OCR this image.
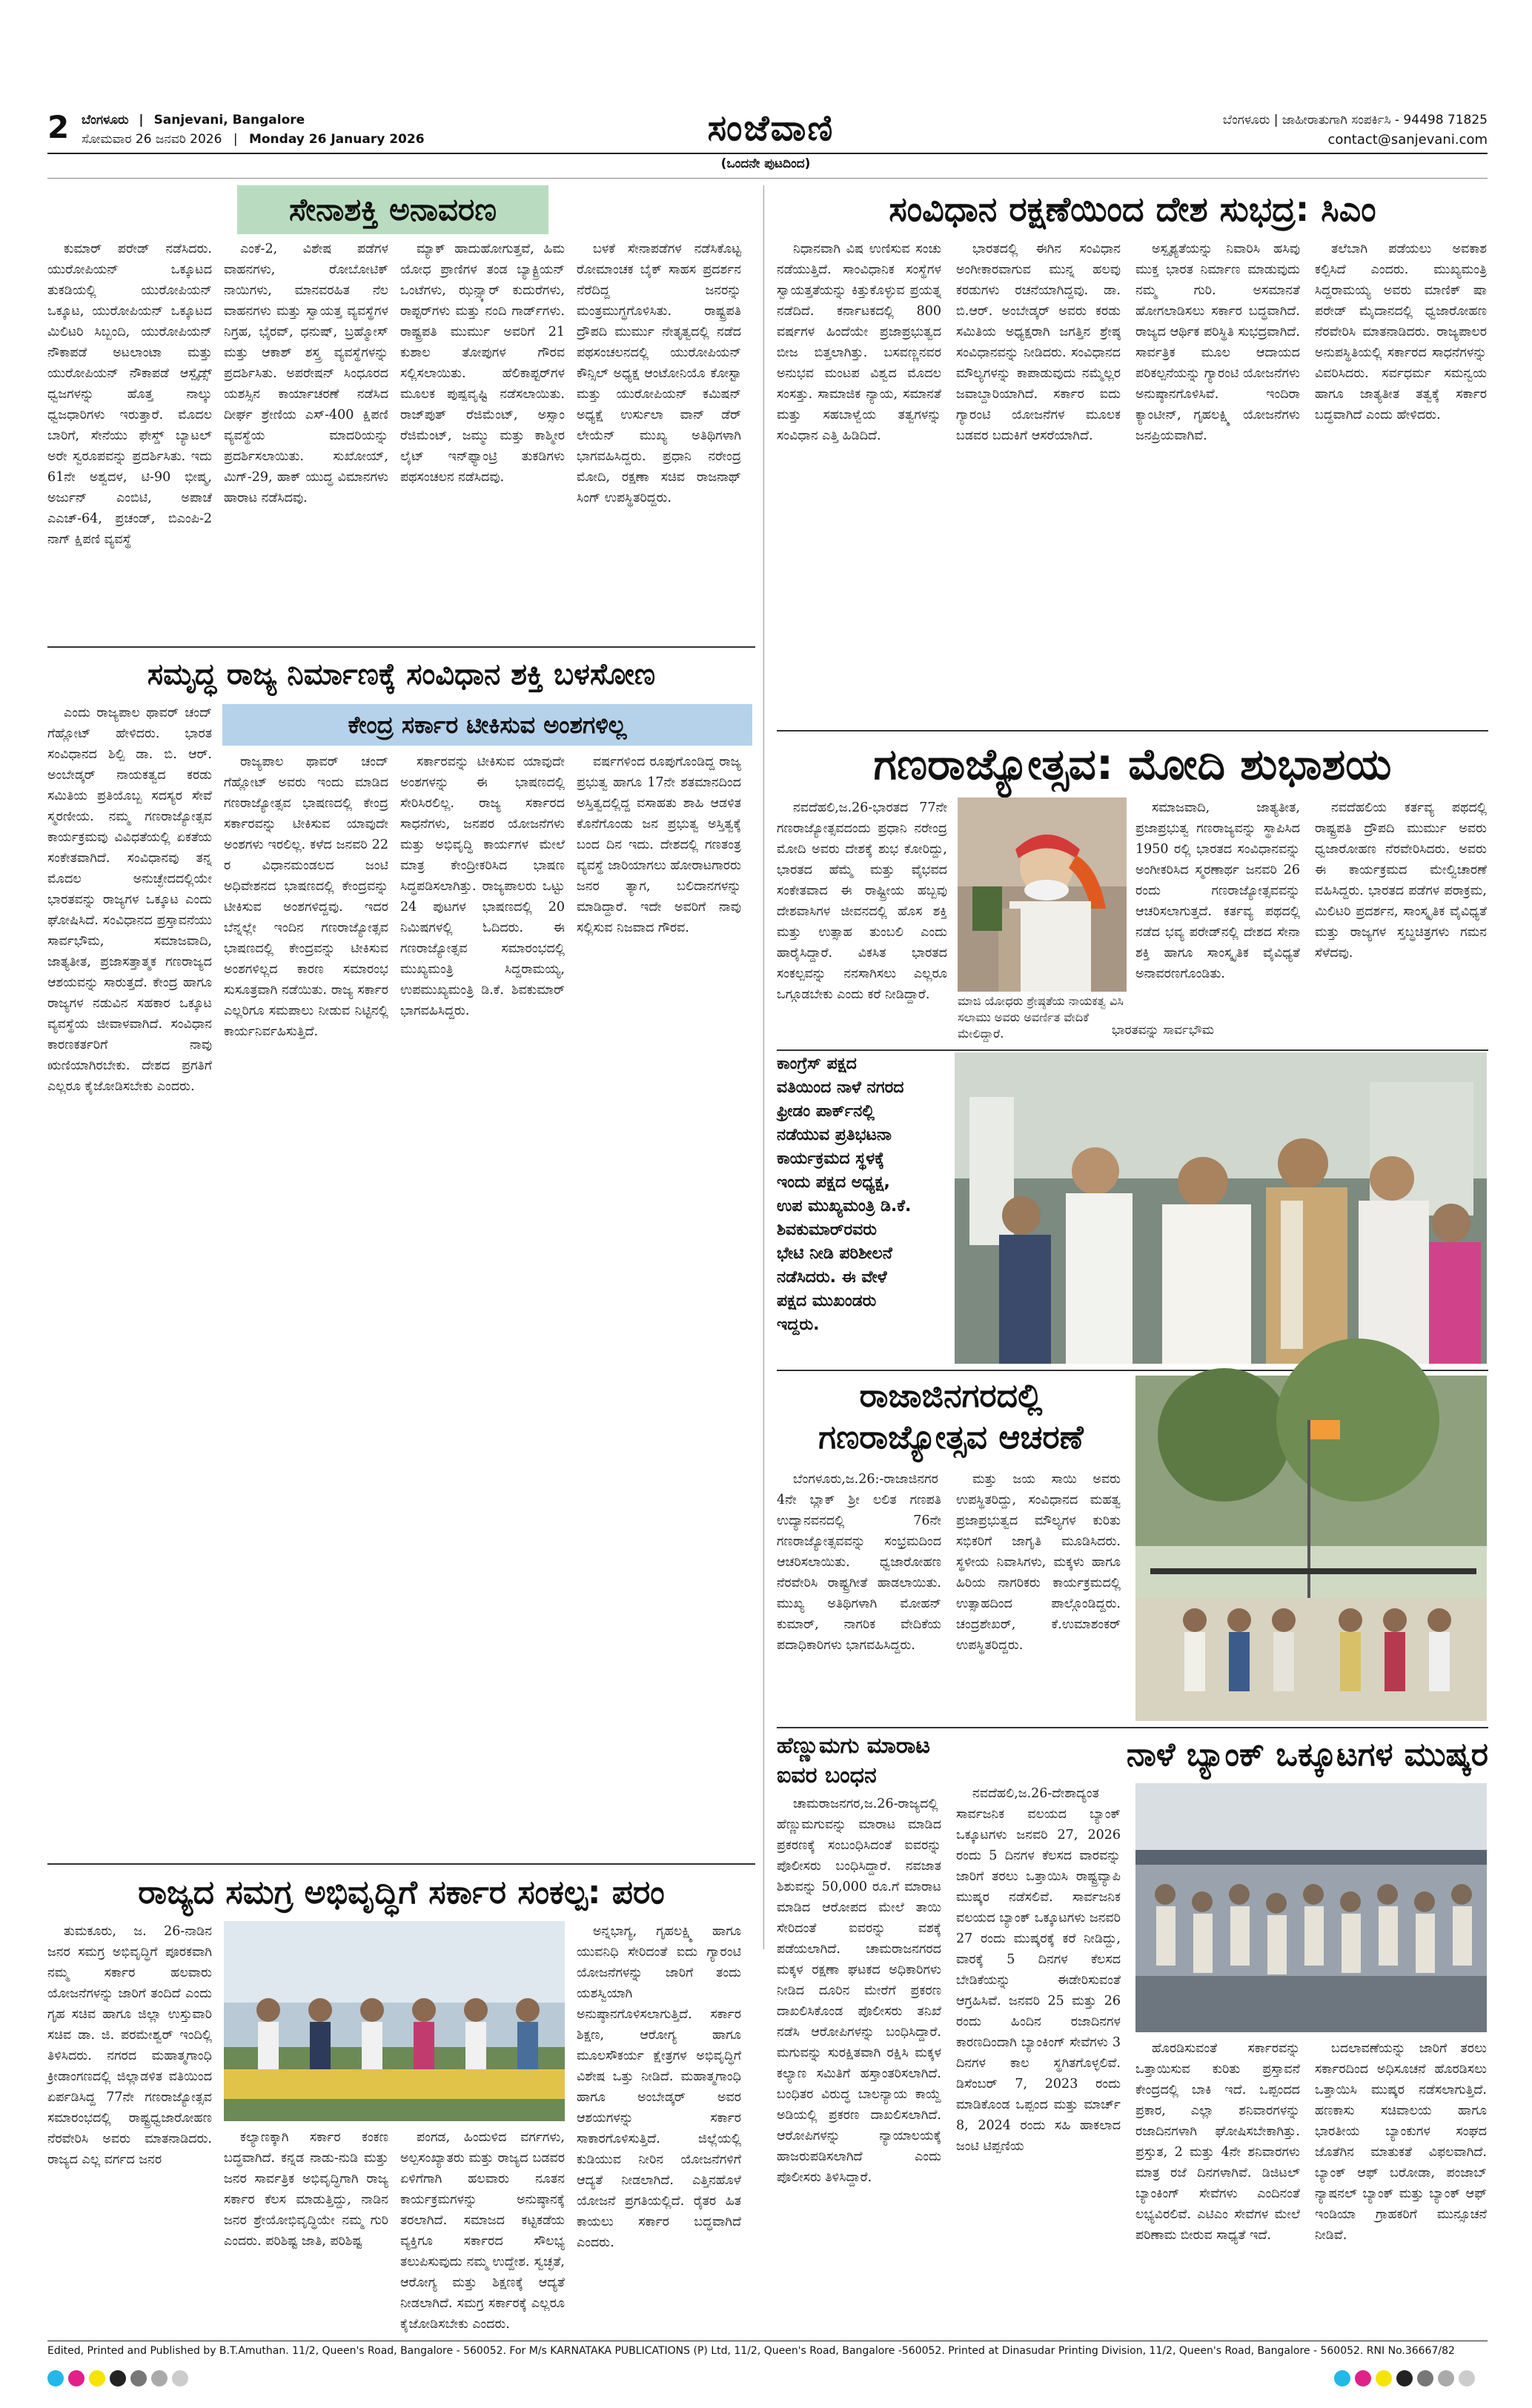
2 ಬೆಂಗಳೂರು | Sanjevani, Bangalore
ಸೋಮವಾರ 26 ಜನವರಿ 2026 | Monday 26 January 2026	ಸಂಜೆವಾಣಿ	ಬೆಂಗಳೂರು | ಜಾಹೀರಾತುಗಾಗಿ ಸಂಪರ್ಕಿಸಿ - 94498 71825
contact@sanjevani.com
(ಒಂದನೇ ಪುಟದಿಂದ)
ಸೇನಾಶಕ್ತಿ ಅನಾವರಣ

ಕುಮಾರ್ ಪರೇಡ್ ನಡೆಸಿದರು. ಯುರೋಪಿಯನ್ ಒಕ್ಕೂಟದ ತುಕಡಿಯಲ್ಲಿ ಯುರೋಪಿಯನ್ ಒಕ್ಕೂಟ, ಯುರೋಪಿಯನ್ ಒಕ್ಕೂಟದ ಮಿಲಿಟರಿ ಸಿಬ್ಬಂದಿ, ಯುರೋಪಿಯನ್ ನೌಕಾಪಡೆ ಅಟಲಾಂಟಾ ಮತ್ತು ಯುರೋಪಿಯನ್ ನೌಕಾಪಡೆ ಆಸ್ಪೈಡ್ಸ್ ಧ್ವಜಗಳನ್ನು ಹೊತ್ತ ನಾಲ್ಕು ಧ್ವಜಧಾರಿಗಳು ಇರುತ್ತಾರೆ. ಮೊದಲ ಬಾರಿಗೆ, ಸೇನೆಯು ಫೇಸ್ಡ್ ಬ್ಯಾಟಲ್ ಅರೇ ಸ್ವರೂಪವನ್ನು ಪ್ರದರ್ಶಿಸಿತು. ಇದು 61ನೇ ಅಶ್ವದಳ, ಟಿ-90 ಭೀಷ್ಮ, ಅರ್ಜುನ್ ಎಂಬಿಟಿ, ಅಪಾಚೆ ಎಎಚ್-64, ಪ್ರಚಂಡ್, ಬಿಎಂಪಿ-2 ನಾಗ್ ಕ್ಷಿಪಣಿ ವ್ಯವಸ್ಥೆ

ಎಂಕೆ-2, ವಿಶೇಷ ಪಡೆಗಳ ವಾಹನಗಳು, ರೋಬೋಟಿಕ್ ನಾಯಿಗಳು, ಮಾನವರಹಿತ ನೆಲ ವಾಹನಗಳು ಮತ್ತು ಸ್ವಾಯತ್ತ ವ್ಯವಸ್ಥೆಗಳ ನಿಗ್ರಹ, ಭೈರವ್, ಧನುಷ್, ಬ್ರಹ್ಮೋಸ್ ಮತ್ತು ಆಕಾಶ್ ಶಸ್ತ್ರ ವ್ಯವಸ್ಥೆಗಳನ್ನು ಪ್ರದರ್ಶಿಸಿತು. ಅಪರೇಷನ್ ಸಿಂಧೂರದ ಯಶಸ್ಸಿನ ಕಾರ್ಯಾಚರಣೆ ನಡೆಸಿದ ದೀರ್ಘ ಶ್ರೇಣಿಯ ಎಸ್-400 ಕ್ಷಿಪಣಿ ವ್ಯವಸ್ಥೆಯ ಮಾದರಿಯನ್ನು ಪ್ರದರ್ಶಿಸಲಾಯಿತು. ಸುಖೋಯ್, ಮಿಗ್-29, ಹಾಕ್ ಯುದ್ಧ ವಿಮಾನಗಳು ಹಾರಾಟ ನಡೆಸಿದವು.

ಮ್ಯಾಕ್ ಹಾದುಹೋಗುತ್ತವೆ, ಹಿಮ ಯೋಧ ಪ್ರಾಣಿಗಳ ತಂಡ ಬ್ಯಾಕ್ಟ್ರಿಯನ್ ಒಂಟೆಗಳು, ಝನ್ಸ್ಕಾರ್ ಕುದುರೆಗಳು, ರಾಪ್ಟರ್‌ಗಳು ಮತ್ತು ನಂದಿ ಗಾರ್ಡ್‌ಗಳು. ರಾಷ್ಟ್ರಪತಿ ಮುರ್ಮು ಅವರಿಗೆ 21 ಕುಶಾಲ ತೋಪುಗಳ ಗೌರವ ಸಲ್ಲಿಸಲಾಯಿತು. ಹೆಲಿಕಾಪ್ಟರ್‌ಗಳ ಮೂಲಕ ಪುಷ್ಪವೃಷ್ಟಿ ನಡೆಸಲಾಯಿತು. ರಾಜ್‌ಪುತ್ ರೆಜಿಮೆಂಟ್, ಅಸ್ಸಾಂ ರೆಜಿಮೆಂಟ್, ಜಮ್ಮು ಮತ್ತು ಕಾಶ್ಮೀರ ಲೈಟ್ ಇನ್‌ಫ್ಯಾಂಟ್ರಿ ತುಕಡಿಗಳು ಪಥಸಂಚಲನ ನಡೆಸಿದವು.

ಬಳಕೆ ಸೇನಾಪಡೆಗಳ ನಡೆಸಿಕೊಟ್ಟ ರೋಮಾಂಚಕ ಬೈಕ್ ಸಾಹಸ ಪ್ರದರ್ಶನ ನೆರೆದಿದ್ದ ಜನರನ್ನು ಮಂತ್ರಮುಗ್ಧಗೊಳಿಸಿತು. ರಾಷ್ಟ್ರಪತಿ ದ್ರೌಪದಿ ಮುರ್ಮು ನೇತೃತ್ವದಲ್ಲಿ ನಡೆದ ಪಥಸಂಚಲನದಲ್ಲಿ ಯುರೋಪಿಯನ್ ಕೌನ್ಸಿಲ್ ಅಧ್ಯಕ್ಷ ಆಂಟೋನಿಯೊ ಕೋಸ್ಟಾ ಮತ್ತು ಯುರೋಪಿಯನ್ ಕಮಿಷನ್ ಅಧ್ಯಕ್ಷೆ ಉರ್ಸುಲಾ ವಾನ್ ಡೆರ್ ಲೇಯೆನ್ ಮುಖ್ಯ ಅತಿಥಿಗಳಾಗಿ ಭಾಗವಹಿಸಿದ್ದರು. ಪ್ರಧಾನಿ ನರೇಂದ್ರ ಮೋದಿ, ರಕ್ಷಣಾ ಸಚಿವ ರಾಜನಾಥ್ ಸಿಂಗ್ ಉಪಸ್ಥಿತರಿದ್ದರು.

ಸಂವಿಧಾನ ರಕ್ಷಣೆಯಿಂದ ದೇಶ ಸುಭದ್ರ: ಸಿಎಂ

ನಿಧಾನವಾಗಿ ವಿಷ ಉಣಿಸುವ ಸಂಚು ನಡೆಯುತ್ತಿದೆ. ಸಾಂವಿಧಾನಿಕ ಸಂಸ್ಥೆಗಳ ಸ್ವಾಯತ್ತತೆಯನ್ನು ಕಿತ್ತುಕೊಳ್ಳುವ ಪ್ರಯತ್ನ ನಡೆದಿದೆ. ಕರ್ನಾಟಕದಲ್ಲಿ 800 ವರ್ಷಗಳ ಹಿಂದೆಯೇ ಪ್ರಜಾಪ್ರಭುತ್ವದ ಬೀಜ ಬಿತ್ತಲಾಗಿತ್ತು. ಬಸವಣ್ಣನವರ ಅನುಭವ ಮಂಟಪ ವಿಶ್ವದ ಮೊದಲ ಸಂಸತ್ತು. ಸಾಮಾಜಿಕ ನ್ಯಾಯ, ಸಮಾನತೆ ಮತ್ತು ಸಹಬಾಳ್ವೆಯ ತತ್ವಗಳನ್ನು ಸಂವಿಧಾನ ಎತ್ತಿ ಹಿಡಿದಿದೆ.

ಭಾರತದಲ್ಲಿ ಈಗಿನ ಸಂವಿಧಾನ ಅಂಗೀಕಾರವಾಗುವ ಮುನ್ನ ಹಲವು ಕರಡುಗಳು ರಚನೆಯಾಗಿದ್ದವು. ಡಾ. ಬಿ.ಆರ್. ಅಂಬೇಡ್ಕರ್ ಅವರು ಕರಡು ಸಮಿತಿಯ ಅಧ್ಯಕ್ಷರಾಗಿ ಜಗತ್ತಿನ ಶ್ರೇಷ್ಠ ಸಂವಿಧಾನವನ್ನು ನೀಡಿದರು. ಸಂವಿಧಾನದ ಮೌಲ್ಯಗಳನ್ನು ಕಾಪಾಡುವುದು ನಮ್ಮೆಲ್ಲರ ಜವಾಬ್ದಾರಿಯಾಗಿದೆ. ಸರ್ಕಾರ ಐದು ಗ್ಯಾರಂಟಿ ಯೋಜನೆಗಳ ಮೂಲಕ ಬಡವರ ಬದುಕಿಗೆ ಆಸರೆಯಾಗಿದೆ.

ಅಸ್ಪೃಶ್ಯತೆಯನ್ನು ನಿವಾರಿಸಿ ಹಸಿವು ಮುಕ್ತ ಭಾರತ ನಿರ್ಮಾಣ ಮಾಡುವುದು ನಮ್ಮ ಗುರಿ. ಅಸಮಾನತೆ ಹೋಗಲಾಡಿಸಲು ಸರ್ಕಾರ ಬದ್ಧವಾಗಿದೆ. ರಾಜ್ಯದ ಆರ್ಥಿಕ ಪರಿಸ್ಥಿತಿ ಸುಭದ್ರವಾಗಿದೆ. ಸಾರ್ವತ್ರಿಕ ಮೂಲ ಆದಾಯದ ಪರಿಕಲ್ಪನೆಯನ್ನು ಗ್ಯಾರಂಟಿ ಯೋಜನೆಗಳು ಅನುಷ್ಠಾನಗೊಳಿಸಿವೆ. ಇಂದಿರಾ ಕ್ಯಾಂಟೀನ್, ಗೃಹಲಕ್ಷ್ಮಿ ಯೋಜನೆಗಳು ಜನಪ್ರಿಯವಾಗಿವೆ.

ತಲೆಬಾಗಿ ಪಡೆಯಲು ಅವಕಾಶ ಕಲ್ಪಿಸಿದೆ ಎಂದರು. ಮುಖ್ಯಮಂತ್ರಿ ಸಿದ್ದರಾಮಯ್ಯ ಅವರು ಮಾಣಿಕ್ ಷಾ ಪರೇಡ್ ಮೈದಾನದಲ್ಲಿ ಧ್ವಜಾರೋಹಣ ನೆರವೇರಿಸಿ ಮಾತನಾಡಿದರು. ರಾಜ್ಯಪಾಲರ ಅನುಪಸ್ಥಿತಿಯಲ್ಲಿ ಸರ್ಕಾರದ ಸಾಧನೆಗಳನ್ನು ವಿವರಿಸಿದರು. ಸರ್ವಧರ್ಮ ಸಮನ್ವಯ ಹಾಗೂ ಜಾತ್ಯತೀತ ತತ್ವಕ್ಕೆ ಸರ್ಕಾರ ಬದ್ಧವಾಗಿದೆ ಎಂದು ಹೇಳಿದರು.

ಸಮೃದ್ಧ ರಾಜ್ಯ ನಿರ್ಮಾಣಕ್ಕೆ ಸಂವಿಧಾನ ಶಕ್ತಿ ಬಳಸೋಣ

ಎಂದು ರಾಜ್ಯಪಾಲ ಥಾವರ್ ಚಂದ್ ಗೆಹ್ಲೋಟ್ ಹೇಳಿದರು. ಭಾರತ ಸಂವಿಧಾನದ ಶಿಲ್ಪಿ ಡಾ. ಬಿ. ಆರ್. ಅಂಬೇಡ್ಕರ್ ನಾಯಕತ್ವದ ಕರಡು ಸಮಿತಿಯ ಪ್ರತಿಯೊಬ್ಬ ಸದಸ್ಯರ ಸೇವೆ ಸ್ಮರಣೀಯ. ನಮ್ಮ ಗಣರಾಜ್ಯೋತ್ಸವ ಕಾರ್ಯಕ್ರಮವು ವಿವಿಧತೆಯಲ್ಲಿ ಏಕತೆಯ ಸಂಕೇತವಾಗಿದೆ. ಸಂವಿಧಾನವು ತನ್ನ ಮೊದಲ ಅನುಚ್ಛೇದದಲ್ಲಿಯೇ ಭಾರತವನ್ನು ರಾಜ್ಯಗಳ ಒಕ್ಕೂಟ ಎಂದು ಘೋಷಿಸಿದೆ. ಸಂವಿಧಾನದ ಪ್ರಸ್ತಾವನೆಯು ಸಾರ್ವಭೌಮ, ಸಮಾಜವಾದಿ, ಜಾತ್ಯತೀತ, ಪ್ರಜಾಸತ್ತಾತ್ಮಕ ಗಣರಾಜ್ಯದ ಆಶಯವನ್ನು ಸಾರುತ್ತದೆ. ಕೇಂದ್ರ ಹಾಗೂ ರಾಜ್ಯಗಳ ನಡುವಿನ ಸಹಕಾರ ಒಕ್ಕೂಟ ವ್ಯವಸ್ಥೆಯ ಜೀವಾಳವಾಗಿದೆ. ಸಂವಿಧಾನ ಕಾರಣಕರ್ತರಿಗೆ ನಾವು ಋಣಿಯಾಗಿರಬೇಕು. ದೇಶದ ಪ್ರಗತಿಗೆ ಎಲ್ಲರೂ ಕೈಜೋಡಿಸಬೇಕು ಎಂದರು.

ಕೇಂದ್ರ ಸರ್ಕಾರ ಟೀಕಿಸುವ ಅಂಶಗಳಿಲ್ಲ

ರಾಜ್ಯಪಾಲ ಥಾವರ್ ಚಂದ್ ಗೆಹ್ಲೋಟ್ ಅವರು ಇಂದು ಮಾಡಿದ ಗಣರಾಜ್ಯೋತ್ಸವ ಭಾಷಣದಲ್ಲಿ ಕೇಂದ್ರ ಸರ್ಕಾರವನ್ನು ಟೀಕಿಸುವ ಯಾವುದೇ ಅಂಶಗಳು ಇರಲಿಲ್ಲ. ಕಳೆದ ಜನವರಿ 22 ರ ವಿಧಾನಮಂಡಲದ ಜಂಟಿ ಅಧಿವೇಶನದ ಭಾಷಣದಲ್ಲಿ ಕೇಂದ್ರವನ್ನು ಟೀಕಿಸುವ ಅಂಶಗಳಿದ್ದವು. ಇದರ ಬೆನ್ನಲ್ಲೇ ಇಂದಿನ ಗಣರಾಜ್ಯೋತ್ಸವ ಭಾಷಣದಲ್ಲಿ ಕೇಂದ್ರವನ್ನು ಟೀಕಿಸುವ ಅಂಶಗಳಿಲ್ಲದ ಕಾರಣ ಸಮಾರಂಭ ಸುಸೂತ್ರವಾಗಿ ನಡೆಯಿತು. ರಾಜ್ಯ ಸರ್ಕಾರ ಎಲ್ಲರಿಗೂ ಸಮಪಾಲು ನೀಡುವ ನಿಟ್ಟಿನಲ್ಲಿ ಕಾರ್ಯನಿರ್ವಹಿಸುತ್ತಿದೆ.

ಸರ್ಕಾರವನ್ನು ಟೀಕಿಸುವ ಯಾವುದೇ ಅಂಶಗಳನ್ನು ಈ ಭಾಷಣದಲ್ಲಿ ಸೇರಿಸಿರಲಿಲ್ಲ. ರಾಜ್ಯ ಸರ್ಕಾರದ ಸಾಧನೆಗಳು, ಜನಪರ ಯೋಜನೆಗಳು ಮತ್ತು ಅಭಿವೃದ್ಧಿ ಕಾರ್ಯಗಳ ಮೇಲೆ ಮಾತ್ರ ಕೇಂದ್ರೀಕರಿಸಿದ ಭಾಷಣ ಸಿದ್ಧಪಡಿಸಲಾಗಿತ್ತು. ರಾಜ್ಯಪಾಲರು ಒಟ್ಟು 24 ಪುಟಗಳ ಭಾಷಣದಲ್ಲಿ 20 ನಿಮಿಷಗಳಲ್ಲಿ ಓದಿದರು. ಈ ಗಣರಾಜ್ಯೋತ್ಸವ ಸಮಾರಂಭದಲ್ಲಿ ಮುಖ್ಯಮಂತ್ರಿ ಸಿದ್ದರಾಮಯ್ಯ, ಉಪಮುಖ್ಯಮಂತ್ರಿ ಡಿ.ಕೆ. ಶಿವಕುಮಾರ್ ಭಾಗವಹಿಸಿದ್ದರು.

ವರ್ಷಗಳಿಂದ ರೂಪುಗೊಂಡಿದ್ದ ರಾಜ್ಯ ಪ್ರಭುತ್ವ ಹಾಗೂ 17ನೇ ಶತಮಾನದಿಂದ ಅಸ್ತಿತ್ವದಲ್ಲಿದ್ದ ವಸಾಹತು ಶಾಹಿ ಆಡಳಿತ ಕೊನೆಗೊಂಡು ಜನ ಪ್ರಭುತ್ವ ಅಸ್ತಿತ್ವಕ್ಕೆ ಬಂದ ದಿನ ಇದು. ದೇಶದಲ್ಲಿ ಗಣತಂತ್ರ ವ್ಯವಸ್ಥೆ ಜಾರಿಯಾಗಲು ಹೋರಾಟಗಾರರು ಜನರ ತ್ಯಾಗ, ಬಲಿದಾನಗಳನ್ನು ಮಾಡಿದ್ದಾರೆ. ಇದೇ ಅವರಿಗೆ ನಾವು ಸಲ್ಲಿಸುವ ನಿಜವಾದ ಗೌರವ.

ಗಣರಾಜ್ಯೋತ್ಸವ: ಮೋದಿ ಶುಭಾಶಯ

ನವದೆಹಲಿ,ಜ.26-ಭಾರತದ 77ನೇ ಗಣರಾಜ್ಯೋತ್ಸವದಂದು ಪ್ರಧಾನಿ ನರೇಂದ್ರ ಮೋದಿ ಅವರು ದೇಶಕ್ಕೆ ಶುಭ ಕೋರಿದ್ದು, ಭಾರತದ ಹೆಮ್ಮೆ ಮತ್ತು ವೈಭವದ ಸಂಕೇತವಾದ ಈ ರಾಷ್ಟ್ರೀಯ ಹಬ್ಬವು ದೇಶವಾಸಿಗಳ ಜೀವನದಲ್ಲಿ ಹೊಸ ಶಕ್ತಿ ಮತ್ತು ಉತ್ಸಾಹ ತುಂಬಲಿ ಎಂದು ಹಾರೈಸಿದ್ದಾರೆ. ವಿಕಸಿತ ಭಾರತದ ಸಂಕಲ್ಪವನ್ನು ನನಸಾಗಿಸಲು ಎಲ್ಲರೂ ಒಗ್ಗೂಡಬೇಕು ಎಂದು ಕರೆ ನೀಡಿದ್ದಾರೆ.

ಸಮಾಜವಾದಿ, ಜಾತ್ಯತೀತ, ಪ್ರಜಾಪ್ರಭುತ್ವ ಗಣರಾಜ್ಯವನ್ನು ಸ್ಥಾಪಿಸಿದ 1950 ರಲ್ಲಿ ಭಾರತದ ಸಂವಿಧಾನವನ್ನು ಅಂಗೀಕರಿಸಿದ ಸ್ಮರಣಾರ್ಥ ಜನವರಿ 26 ರಂದು ಗಣರಾಜ್ಯೋತ್ಸವವನ್ನು ಆಚರಿಸಲಾಗುತ್ತದೆ. ಕರ್ತವ್ಯ ಪಥದಲ್ಲಿ ನಡೆದ ಭವ್ಯ ಪರೇಡ್‌ನಲ್ಲಿ ದೇಶದ ಸೇನಾ ಶಕ್ತಿ ಹಾಗೂ ಸಾಂಸ್ಕೃತಿಕ ವೈವಿಧ್ಯತೆ ಅನಾವರಣಗೊಂಡಿತು.

ನವದೆಹಲಿಯ ಕರ್ತವ್ಯ ಪಥದಲ್ಲಿ ರಾಷ್ಟ್ರಪತಿ ದ್ರೌಪದಿ ಮುರ್ಮು ಅವರು ಧ್ವಜಾರೋಹಣ ನೆರವೇರಿಸಿದರು. ಅವರು ಈ ಕಾರ್ಯಕ್ರಮದ ಮೇಲ್ವಿಚಾರಣೆ ವಹಿಸಿದ್ದರು. ಭಾರತದ ಪಡೆಗಳ ಪರಾಕ್ರಮ, ಮಿಲಿಟರಿ ಪ್ರದರ್ಶನ, ಸಾಂಸ್ಕೃತಿಕ ವೈವಿಧ್ಯತೆ ಮತ್ತು ರಾಜ್ಯಗಳ ಸ್ತಬ್ಧಚಿತ್ರಗಳು ಗಮನ ಸೆಳೆದವು.

ಮಾಜಿ ಯೋಧರು ಶ್ರೇಷ್ಠತೆಯ ನಾಯಕತ್ವ ವಿಸಿ ಸಲಾಮು ಅವರು ಅವರ್ಣಿತ ವೇದಿಕೆ ಮೇಲಿದ್ದಾರೆ.	ಭಾರತವನ್ನು ಸಾರ್ವಭೌಮ
ಕಾಂಗ್ರೆಸ್ ಪಕ್ಷದ
ವತಿಯಿಂದ ನಾಳೆ ನಗರದ
ಫ್ರೀಡಂ ಪಾರ್ಕ್‌ನಲ್ಲಿ
ನಡೆಯುವ ಪ್ರತಿಭಟನಾ
ಕಾರ್ಯಕ್ರಮದ ಸ್ಥಳಕ್ಕೆ
ಇಂದು ಪಕ್ಷದ ಅಧ್ಯಕ್ಷ,
ಉಪ ಮುಖ್ಯಮಂತ್ರಿ ಡಿ.ಕೆ.
ಶಿವಕುಮಾರ್‌ರವರು
ಭೇಟಿ ನೀಡಿ ಪರಿಶೀಲನೆ
ನಡೆಸಿದರು. ಈ ವೇಳೆ
ಪಕ್ಷದ ಮುಖಂಡರು
ಇದ್ದರು.
ರಾಜಾಜಿನಗರದಲ್ಲಿ
ಗಣರಾಜ್ಯೋತ್ಸವ ಆಚರಣೆ

ಬೆಂಗಳೂರು,ಜ.26:-ರಾಜಾಜಿನಗರ 4ನೇ ಬ್ಲಾಕ್ ಶ್ರೀ ಲಲಿತ ಗಣಪತಿ ಉದ್ಯಾನವನದಲ್ಲಿ 76ನೇ ಗಣರಾಜ್ಯೋತ್ಸವವನ್ನು ಸಂಭ್ರಮದಿಂದ ಆಚರಿಸಲಾಯಿತು. ಧ್ವಜಾರೋಹಣ ನೆರವೇರಿಸಿ ರಾಷ್ಟ್ರಗೀತೆ ಹಾಡಲಾಯಿತು. ಮುಖ್ಯ ಅತಿಥಿಗಳಾಗಿ ಮೋಹನ್ ಕುಮಾರ್, ನಾಗರಿಕ ವೇದಿಕೆಯ ಪದಾಧಿಕಾರಿಗಳು ಭಾಗವಹಿಸಿದ್ದರು.

ಮತ್ತು ಜಯ ಸಾಯಿ ಅವರು ಉಪಸ್ಥಿತರಿದ್ದು, ಸಂವಿಧಾನದ ಮಹತ್ವ ಪ್ರಜಾಪ್ರಭುತ್ವದ ಮೌಲ್ಯಗಳ ಕುರಿತು ಸಭಿಕರಿಗೆ ಜಾಗೃತಿ ಮೂಡಿಸಿದರು. ಸ್ಥಳೀಯ ನಿವಾಸಿಗಳು, ಮಕ್ಕಳು ಹಾಗೂ ಹಿರಿಯ ನಾಗರಿಕರು ಕಾರ್ಯಕ್ರಮದಲ್ಲಿ ಉತ್ಸಾಹದಿಂದ ಪಾಲ್ಗೊಂಡಿದ್ದರು. ಚಂದ್ರಶೇಖರ್, ಕೆ.ಉಮಾಶಂಕರ್ ಉಪಸ್ಥಿತರಿದ್ದರು.

ರಾಜ್ಯದ ಸಮಗ್ರ ಅಭಿವೃದ್ಧಿಗೆ ಸರ್ಕಾರ ಸಂಕಲ್ಪ: ಪರಂ

ತುಮಕೂರು, ಜ. 26-ನಾಡಿನ ಜನರ ಸಮಗ್ರ ಅಭಿವೃದ್ಧಿಗೆ ಪೂರಕವಾಗಿ ನಮ್ಮ ಸರ್ಕಾರ ಹಲವಾರು ಯೋಜನೆಗಳನ್ನು ಜಾರಿಗೆ ತಂದಿದೆ ಎಂದು ಗೃಹ ಸಚಿವ ಹಾಗೂ ಜಿಲ್ಲಾ ಉಸ್ತುವಾರಿ ಸಚಿವ ಡಾ. ಜಿ. ಪರಮೇಶ್ವರ್ ಇಂದಿಲ್ಲಿ ತಿಳಿಸಿದರು. ನಗರದ ಮಹಾತ್ಮಗಾಂಧಿ ಕ್ರೀಡಾಂಗಣದಲ್ಲಿ ಜಿಲ್ಲಾಡಳಿತ ವತಿಯಿಂದ ಏರ್ಪಡಿಸಿದ್ದ 77ನೇ ಗಣರಾಜ್ಯೋತ್ಸವ ಸಮಾರಂಭದಲ್ಲಿ ರಾಷ್ಟ್ರಧ್ವಜಾರೋಹಣ ನೆರವೇರಿಸಿ ಅವರು ಮಾತನಾಡಿದರು. ರಾಜ್ಯದ ಎಲ್ಲ ವರ್ಗದ ಜನರ

ಕಲ್ಯಾಣಕ್ಕಾಗಿ ಸರ್ಕಾರ ಕಂಕಣ ಬದ್ಧವಾಗಿದೆ. ಕನ್ನಡ ನಾಡು-ನುಡಿ ಮತ್ತು ಜನರ ಸಾರ್ವತ್ರಿಕ ಅಭಿವೃದ್ಧಿಗಾಗಿ ರಾಜ್ಯ ಸರ್ಕಾರ ಕೆಲಸ ಮಾಡುತ್ತಿದ್ದು, ನಾಡಿನ ಜನರ ಶ್ರೇಯೋಭಿವೃದ್ಧಿಯೇ ನಮ್ಮ ಗುರಿ ಎಂದರು. ಪರಿಶಿಷ್ಟ ಜಾತಿ, ಪರಿಶಿಷ್ಟ

ಪಂಗಡ, ಹಿಂದುಳಿದ ವರ್ಗಗಳು, ಅಲ್ಪಸಂಖ್ಯಾತರು ಮತ್ತು ರಾಜ್ಯದ ಬಡವರ ಏಳಿಗೆಗಾಗಿ ಹಲವಾರು ನೂತನ ಕಾರ್ಯಕ್ರಮಗಳನ್ನು ಅನುಷ್ಠಾನಕ್ಕೆ ತರಲಾಗಿದೆ. ಸಮಾಜದ ಕಟ್ಟಕಡೆಯ ವ್ಯಕ್ತಿಗೂ ಸರ್ಕಾರದ ಸೌಲಭ್ಯ ತಲುಪಿಸುವುದು ನಮ್ಮ ಉದ್ದೇಶ. ಸ್ವಚ್ಛತೆ, ಆರೋಗ್ಯ ಮತ್ತು ಶಿಕ್ಷಣಕ್ಕೆ ಆದ್ಯತೆ ನೀಡಲಾಗಿದೆ. ಸಮಗ್ರ ಸರ್ಕಾರಕ್ಕೆ ಎಲ್ಲರೂ ಕೈಜೋಡಿಸಬೇಕು ಎಂದರು.

ಅನ್ನಭಾಗ್ಯ, ಗೃಹಲಕ್ಷ್ಮಿ ಹಾಗೂ ಯುವನಿಧಿ ಸೇರಿದಂತೆ ಐದು ಗ್ಯಾರಂಟಿ ಯೋಜನೆಗಳನ್ನು ಜಾರಿಗೆ ತಂದು ಯಶಸ್ವಿಯಾಗಿ ಅನುಷ್ಠಾನಗೊಳಿಸಲಾಗುತ್ತಿದೆ. ಸರ್ಕಾರ ಶಿಕ್ಷಣ, ಆರೋಗ್ಯ ಹಾಗೂ ಮೂಲಸೌಕರ್ಯ ಕ್ಷೇತ್ರಗಳ ಅಭಿವೃದ್ಧಿಗೆ ವಿಶೇಷ ಒತ್ತು ನೀಡಿದೆ. ಮಹಾತ್ಮಗಾಂಧಿ ಹಾಗೂ ಅಂಬೇಡ್ಕರ್ ಅವರ ಆಶಯಗಳನ್ನು ಸರ್ಕಾರ ಸಾಕಾರಗೊಳಿಸುತ್ತಿದೆ. ಜಿಲ್ಲೆಯಲ್ಲಿ ಕುಡಿಯುವ ನೀರಿನ ಯೋಜನೆಗಳಿಗೆ ಆದ್ಯತೆ ನೀಡಲಾಗಿದೆ. ಎತ್ತಿನಹೊಳೆ ಯೋಜನೆ ಪ್ರಗತಿಯಲ್ಲಿದೆ. ರೈತರ ಹಿತ ಕಾಯಲು ಸರ್ಕಾರ ಬದ್ಧವಾಗಿದೆ ಎಂದರು.

ಹೆಣ್ಣುಮಗು ಮಾರಾಟ
ಐವರ ಬಂಧನ

ಚಾಮರಾಜನಗರ,ಜ.26-ರಾಜ್ಯದಲ್ಲಿ ಹೆಣ್ಣುಮಗುವನ್ನು ಮಾರಾಟ ಮಾಡಿದ ಪ್ರಕರಣಕ್ಕೆ ಸಂಬಂಧಿಸಿದಂತೆ ಐವರನ್ನು ಪೊಲೀಸರು ಬಂಧಿಸಿದ್ದಾರೆ. ನವಜಾತ ಶಿಶುವನ್ನು 50,000 ರೂ.ಗೆ ಮಾರಾಟ ಮಾಡಿದ ಆರೋಪದ ಮೇಲೆ ತಾಯಿ ಸೇರಿದಂತೆ ಐವರನ್ನು ವಶಕ್ಕೆ ಪಡೆಯಲಾಗಿದೆ. ಚಾಮರಾಜನಗರದ ಮಕ್ಕಳ ರಕ್ಷಣಾ ಘಟಕದ ಅಧಿಕಾರಿಗಳು ನೀಡಿದ ದೂರಿನ ಮೇರೆಗೆ ಪ್ರಕರಣ ದಾಖಲಿಸಿಕೊಂಡ ಪೊಲೀಸರು ತನಿಖೆ ನಡೆಸಿ ಆರೋಪಿಗಳನ್ನು ಬಂಧಿಸಿದ್ದಾರೆ. ಮಗುವನ್ನು ಸುರಕ್ಷಿತವಾಗಿ ರಕ್ಷಿಸಿ ಮಕ್ಕಳ ಕಲ್ಯಾಣ ಸಮಿತಿಗೆ ಹಸ್ತಾಂತರಿಸಲಾಗಿದೆ. ಬಂಧಿತರ ವಿರುದ್ಧ ಬಾಲನ್ಯಾಯ ಕಾಯ್ದೆ ಅಡಿಯಲ್ಲಿ ಪ್ರಕರಣ ದಾಖಲಿಸಲಾಗಿದೆ. ಆರೋಪಿಗಳನ್ನು ನ್ಯಾಯಾಲಯಕ್ಕೆ ಹಾಜರುಪಡಿಸಲಾಗಿದೆ ಎಂದು ಪೊಲೀಸರು ತಿಳಿಸಿದ್ದಾರೆ.

ನಾಳೆ ಬ್ಯಾಂಕ್ ಒಕ್ಕೂಟಗಳ ಮುಷ್ಕರ

ನವದೆಹಲಿ,ಜ.26-ದೇಶಾದ್ಯಂತ ಸಾರ್ವಜನಿಕ ವಲಯದ ಬ್ಯಾಂಕ್ ಒಕ್ಕೂಟಗಳು ಜನವರಿ 27, 2026 ರಂದು 5 ದಿನಗಳ ಕೆಲಸದ ವಾರವನ್ನು ಜಾರಿಗೆ ತರಲು ಒತ್ತಾಯಿಸಿ ರಾಷ್ಟ್ರವ್ಯಾಪಿ ಮುಷ್ಕರ ನಡೆಸಲಿವೆ. ಸಾರ್ವಜನಿಕ ವಲಯದ ಬ್ಯಾಂಕ್ ಒಕ್ಕೂಟಗಳು ಜನವರಿ 27 ರಂದು ಮುಷ್ಕರಕ್ಕೆ ಕರೆ ನೀಡಿದ್ದು, ವಾರಕ್ಕೆ 5 ದಿನಗಳ ಕೆಲಸದ ಬೇಡಿಕೆಯನ್ನು ಈಡೇರಿಸುವಂತೆ ಆಗ್ರಹಿಸಿವೆ. ಜನವರಿ 25 ಮತ್ತು 26 ರಂದು ಹಿಂದಿನ ರಜಾದಿನಗಳ ಕಾರಣದಿಂದಾಗಿ ಬ್ಯಾಂಕಿಂಗ್ ಸೇವೆಗಳು 3 ದಿನಗಳ ಕಾಲ ಸ್ಥಗಿತಗೊಳ್ಳಲಿವೆ. ಡಿಸೆಂಬರ್ 7, 2023 ರಂದು ಮಾಡಿಕೊಂಡ ಒಪ್ಪಂದ ಮತ್ತು ಮಾರ್ಚ್ 8, 2024 ರಂದು ಸಹಿ ಹಾಕಲಾದ ಜಂಟಿ ಟಿಪ್ಪಣಿಯ

ಹೊರಡಿಸುವಂತೆ ಸರ್ಕಾರವನ್ನು ಒತ್ತಾಯಿಸುವ ಕುರಿತು ಪ್ರಸ್ತಾವನೆ ಕೇಂದ್ರದಲ್ಲಿ ಬಾಕಿ ಇದೆ. ಒಪ್ಪಂದದ ಪ್ರಕಾರ, ಎಲ್ಲಾ ಶನಿವಾರಗಳನ್ನು ರಜಾದಿನಗಳಾಗಿ ಘೋಷಿಸಬೇಕಾಗಿತ್ತು. ಪ್ರಸ್ತುತ, 2 ಮತ್ತು 4ನೇ ಶನಿವಾರಗಳು ಮಾತ್ರ ರಜೆ ದಿನಗಳಾಗಿವೆ. ಡಿಜಿಟಲ್ ಬ್ಯಾಂಕಿಂಗ್ ಸೇವೆಗಳು ಎಂದಿನಂತೆ ಲಭ್ಯವಿರಲಿವೆ. ಎಟಿಎಂ ಸೇವೆಗಳ ಮೇಲೆ ಪರಿಣಾಮ ಬೀರುವ ಸಾಧ್ಯತೆ ಇದೆ.

ಬದಲಾವಣೆಯನ್ನು ಜಾರಿಗೆ ತರಲು ಸರ್ಕಾರದಿಂದ ಅಧಿಸೂಚನೆ ಹೊರಡಿಸಲು ಒತ್ತಾಯಿಸಿ ಮುಷ್ಕರ ನಡೆಸಲಾಗುತ್ತಿದೆ. ಹಣಕಾಸು ಸಚಿವಾಲಯ ಹಾಗೂ ಭಾರತೀಯ ಬ್ಯಾಂಕುಗಳ ಸಂಘದ ಜೊತೆಗಿನ ಮಾತುಕತೆ ವಿಫಲವಾಗಿದೆ. ಬ್ಯಾಂಕ್ ಆಫ್ ಬರೋಡಾ, ಪಂಜಾಬ್ ನ್ಯಾಷನಲ್ ಬ್ಯಾಂಕ್ ಮತ್ತು ಬ್ಯಾಂಕ್ ಆಫ್ ಇಂಡಿಯಾ ಗ್ರಾಹಕರಿಗೆ ಮುನ್ಸೂಚನೆ ನೀಡಿವೆ.

Edited, Printed and Published by B.T.Amuthan. 11/2, Queen's Road, Bangalore - 560052. For M/s KARNATAKA PUBLICATIONS (P) Ltd, 11/2, Queen's Road, Bangalore -560052. Printed at Dinasudar Printing Division, 11/2, Queen's Road, Bangalore - 560052. RNI No.36667/82
